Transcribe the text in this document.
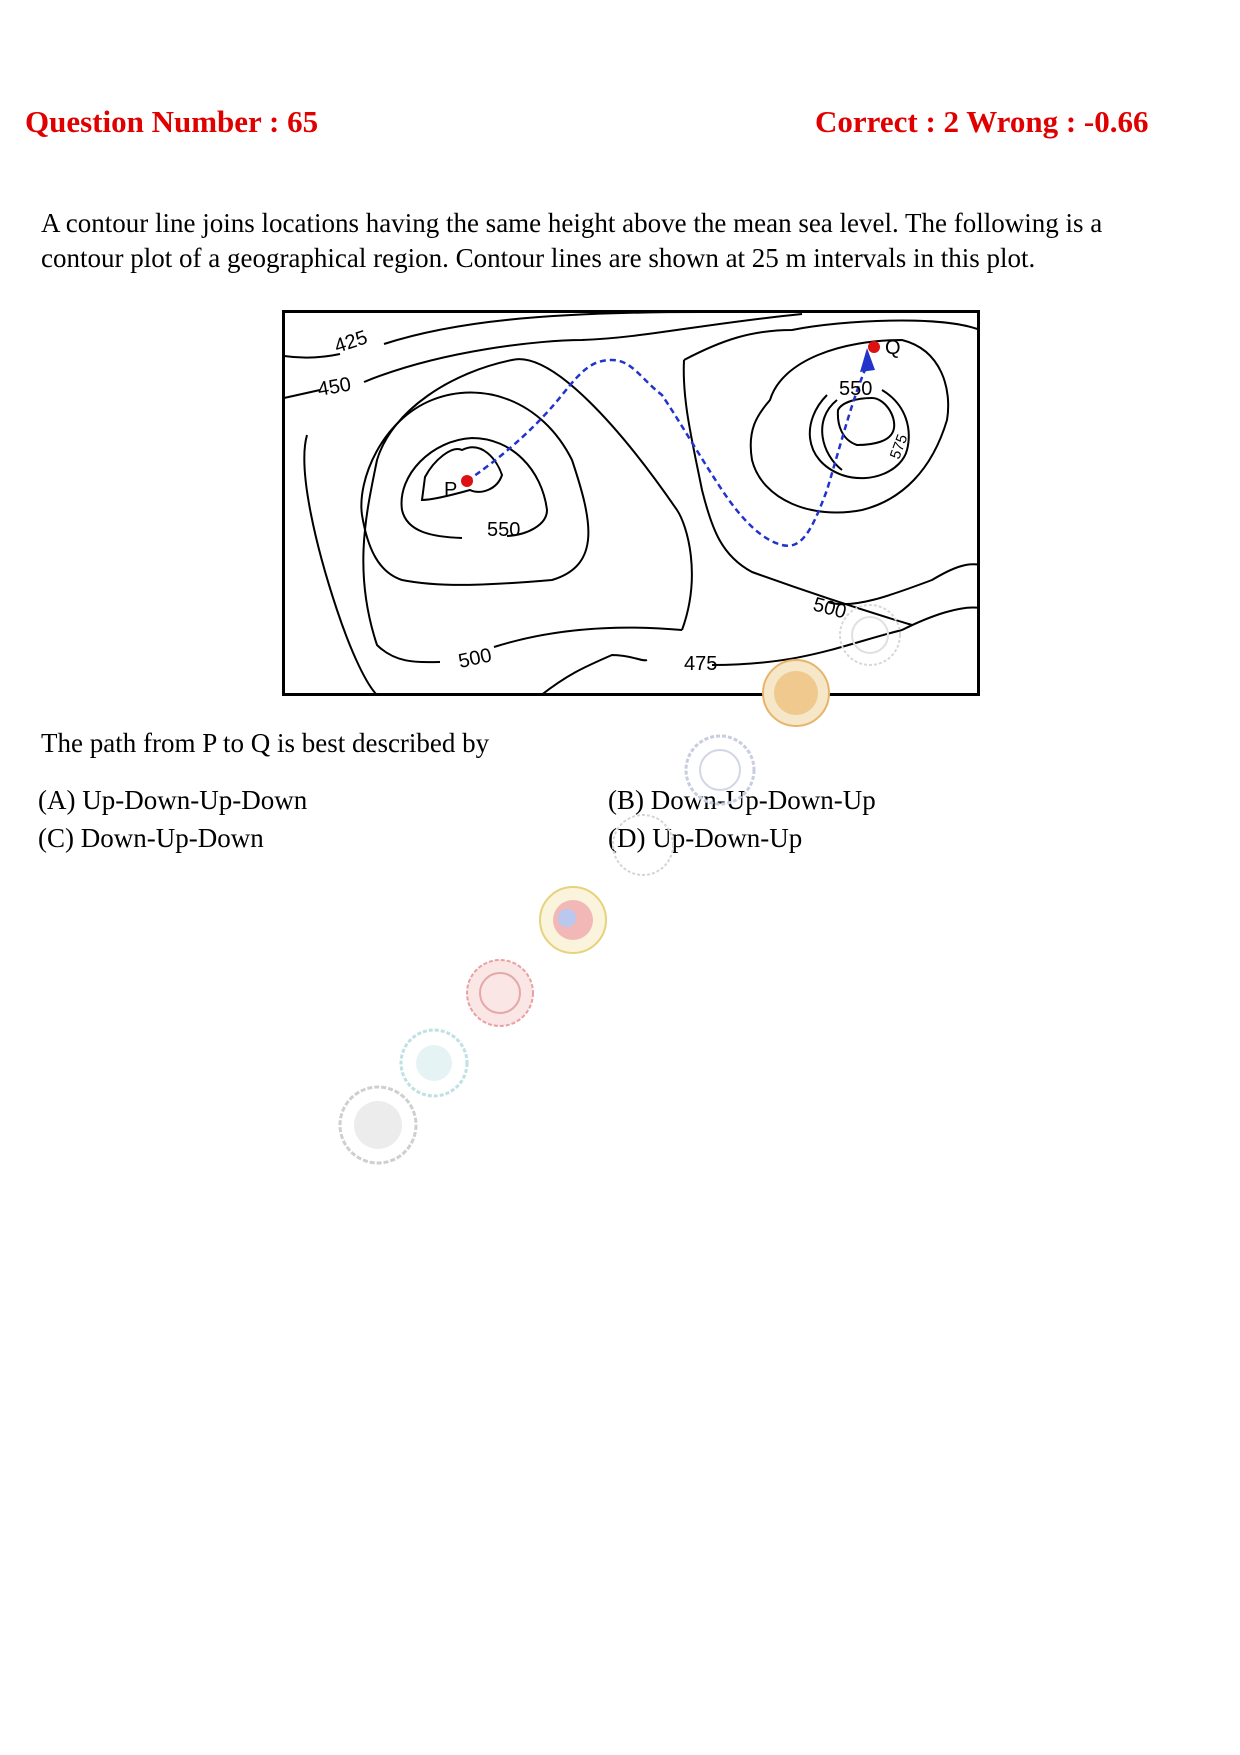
Question Number : 65	Correct : 2 Wrong : -0.66
A contour line joins locations having the same height above the mean sea level. The following is a
contour plot of a geographical region. Contour lines are shown at 25 m intervals in this plot.
P
Q
425
450
550
500	475
550
575
500
The path from P to Q is best described by
(A) Up-Down-Up-Down
(C) Down-Up-Down
(B) Down-Up-Down-Up
(D) Up-Down-Up
